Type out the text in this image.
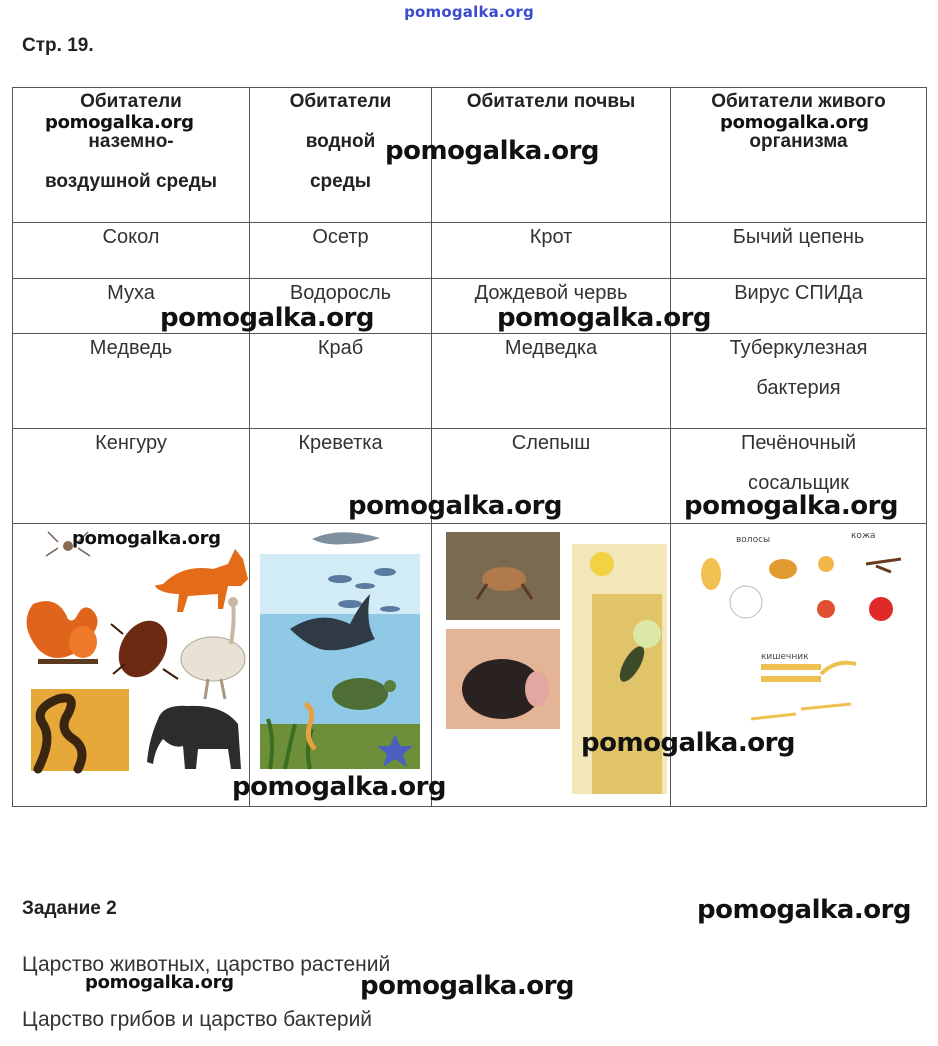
pomogalka.org
Стр. 19.
Обитатели
наземно-
воздушной среды	Обитатели
водной
среды	Обитатели почвы	Обитатели живого
организма

Сокол	Осетр	Крот	Бычий цепень

Муха	Водоросль	Дождевой червь	Вирус СПИДа

Медведь	Краб	Медведка	Туберкулезная
бактерия

Кенгуру	Креветка	Слепыш	Печёночный
сосальщик

волосы кожа
кишечник
pomogalka.org
pomogalka.org
pomogalka.org
pomogalka.org	pomogalka.org
pomogalka.org	pomogalka.org
pomogalka.org
pomogalka.org
pomogalka.org
pomogalka.org
pomogalka.org	pomogalka.org
Задание 2
Царство животных, царство растений
Царство грибов и царство бактерий
